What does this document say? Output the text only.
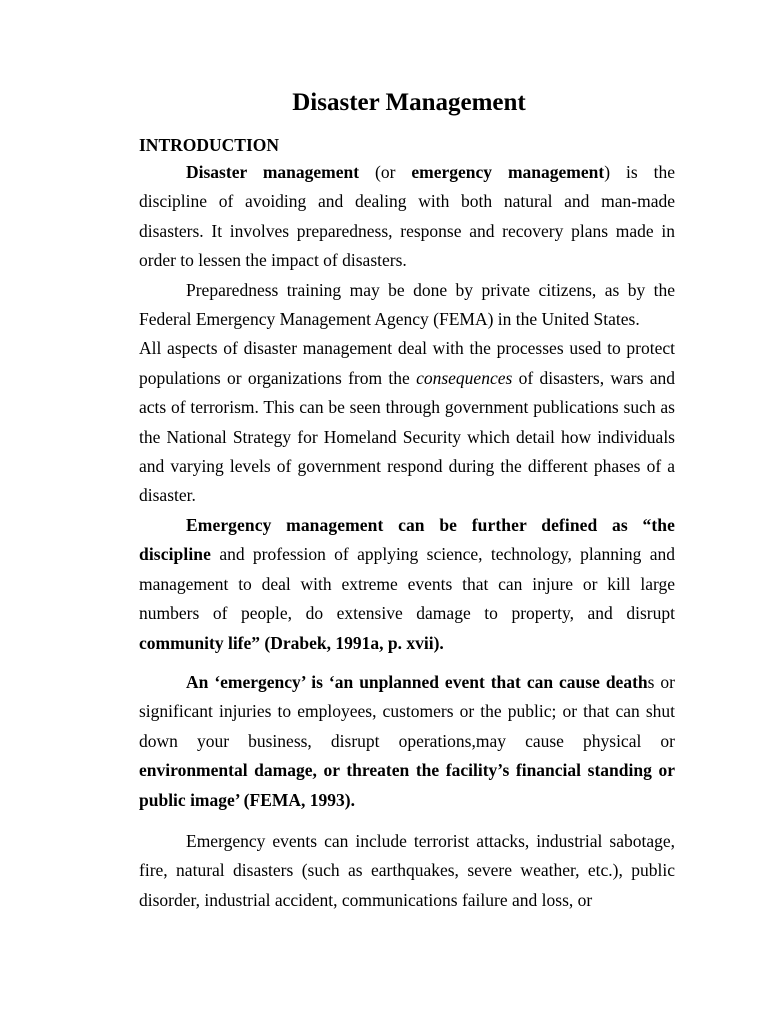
Disaster Management
INTRODUCTION

Disaster management (or emergency management) is the discipline of avoiding and dealing with both natural and man-made disasters. It involves preparedness, response and recovery plans made in order to lessen the impact of disasters.

Preparedness training may be done by private citizens, as by the Federal Emergency Management Agency (FEMA) in the United States.

All aspects of disaster management deal with the processes used to protect populations or organizations from the consequences of disasters, wars and acts of terrorism. This can be seen through government publications such as the National Strategy for Homeland Security which detail how individuals and varying levels of government respond during the different phases of a disaster.

Emergency management can be further defined as “the discipline and profession of applying science, technology, planning and management to deal with extreme events that can injure or kill large numbers of people, do extensive damage to property, and disrupt community life” (Drabek, 1991a, p. xvii).

An ‘emergency’ is ‘an unplanned event that can cause deaths or significant injuries to employees, customers or the public; or that can shut down your business, disrupt operations,may cause physical or environmental damage, or threaten the facility’s financial standing or public image’ (FEMA, 1993).

Emergency events can include terrorist attacks, industrial sabotage, fire, natural disasters (such as earthquakes, severe weather, etc.), public disorder, industrial accident, communications failure and loss, or
